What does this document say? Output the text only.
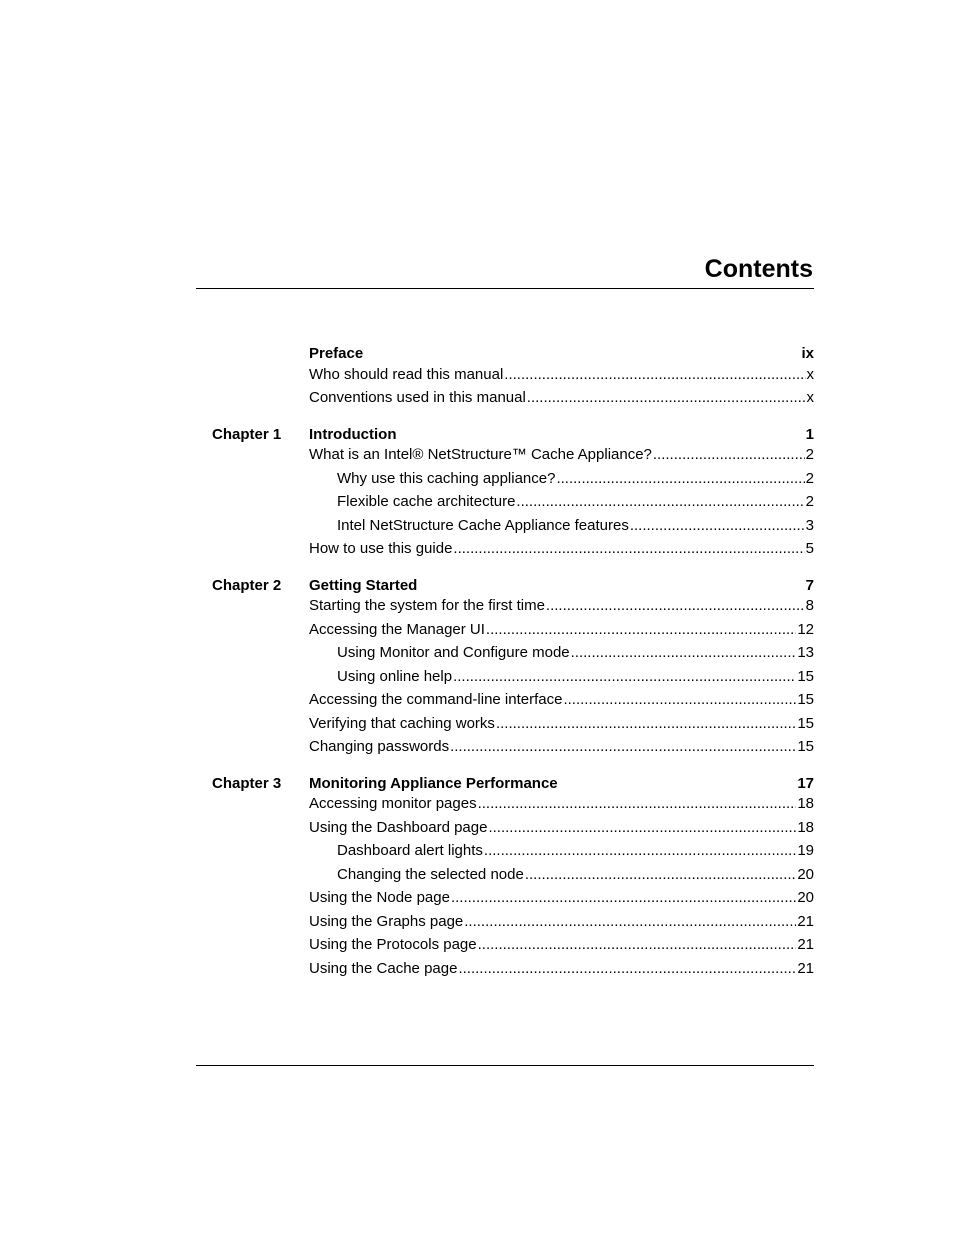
Contents
Preface	ix
Who should read this manual .....	x
Conventions used in this manual .....	x
Chapter 1 Introduction	1
What is an Intel® NetStructure™ Cache Appliance? .....	2
Why use this caching appliance? .....	2
Flexible cache architecture .....	2
Intel NetStructure Cache Appliance features .....	3
How to use this guide .....	5
Chapter 2 Getting Started	7
Starting the system for the first time .....	8
Accessing the Manager UI .....	12
Using Monitor and Configure mode .....	13
Using online help .....	15
Accessing the command-line interface .....	15
Verifying that caching works .....	15
Changing passwords .....	15
Chapter 3 Monitoring Appliance Performance	17
Accessing monitor pages .....	18
Using the Dashboard page .....	18
Dashboard alert lights .....	19
Changing the selected node .....	20
Using the Node page .....	20
Using the Graphs page .....	21
Using the Protocols page .....	21
Using the Cache page .....	21
